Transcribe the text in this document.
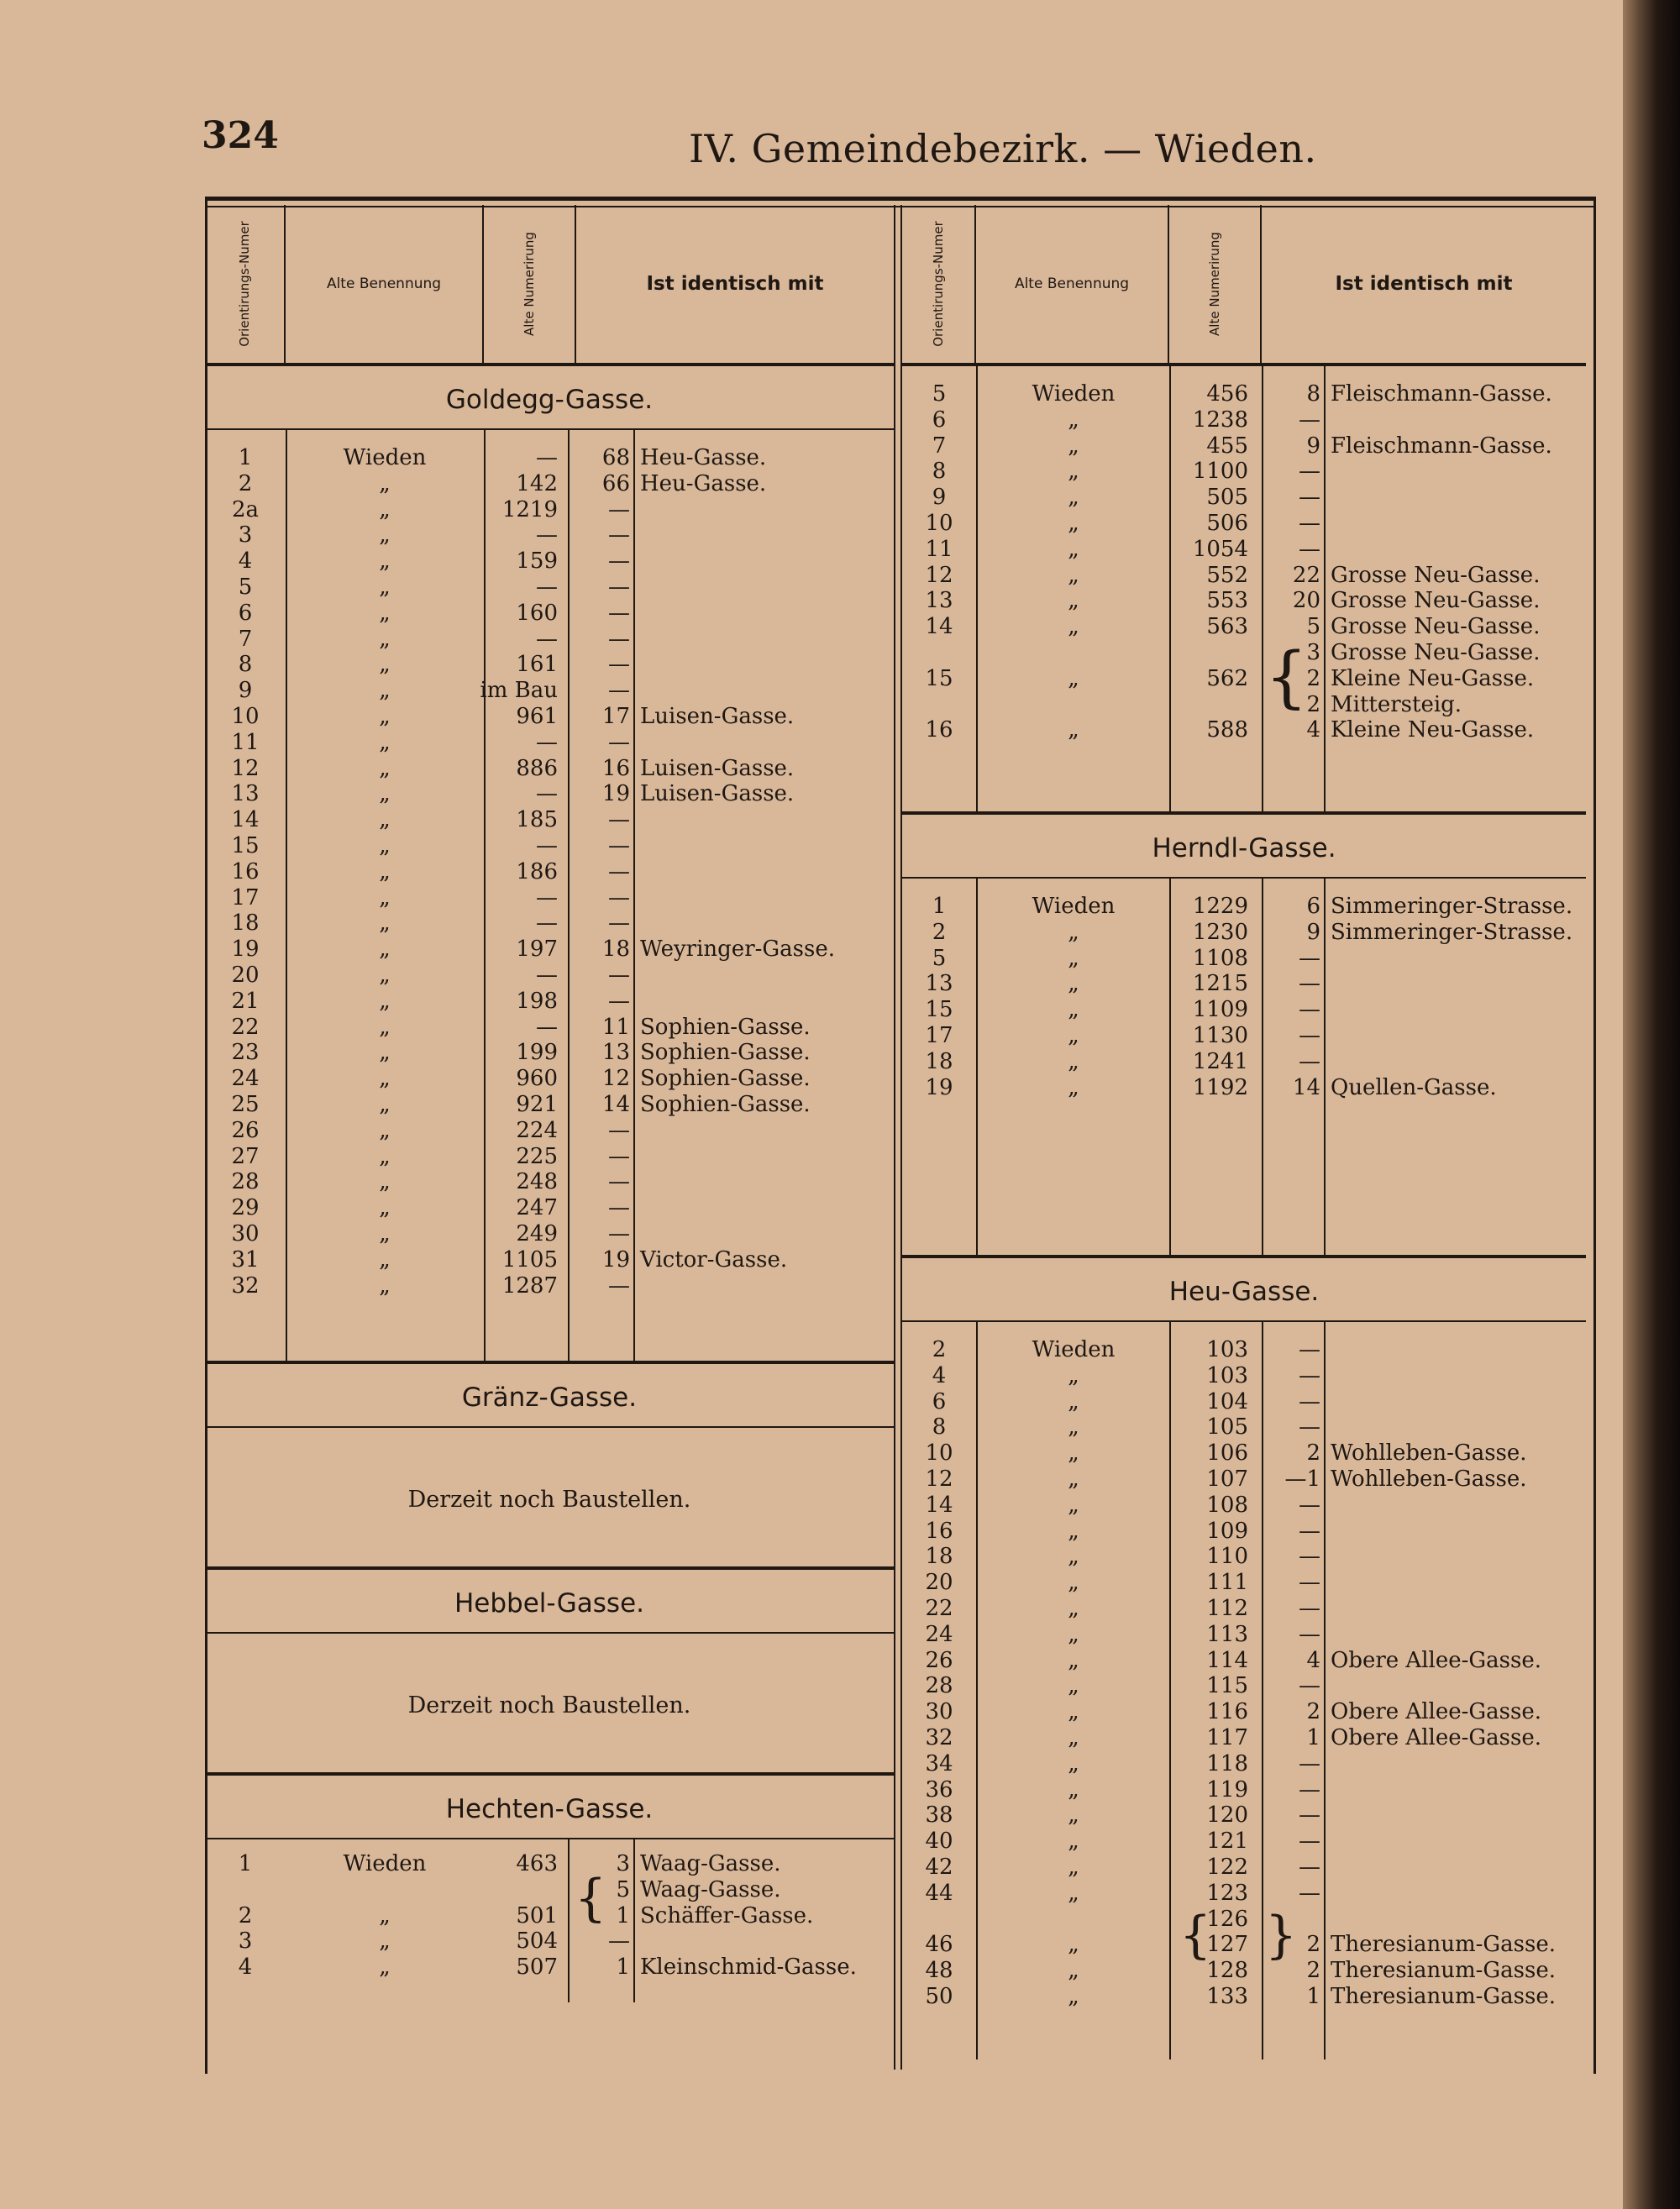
324	IV. Gemeindebezirk. — Wieden.
Orientirungs-Numer	Alte Benennung	Alte Numerirung	Ist identisch mit
Goldegg-Gasse.
1	Wieden	— 68 Heu-Gasse.
2	„	142 66 Heu-Gasse.
2a	„	1219 —
3	„	— —
4	„	159 —
5	„	— —
6	„	160 —
7	„	— —
8	„	161 —
9	„	im Bau —
10	„	961 17 Luisen-Gasse.
11	„	— —
12	„	886 16 Luisen-Gasse.
13	„	— 19 Luisen-Gasse.
14	„	185 —
15	„	— —
16	„	186 —
17	„	— —
18	„	— —
19	„	197 18 Weyringer-Gasse.
20	„	— —
21	„	198 —
22	„	— 11 Sophien-Gasse.
23	„	199 13 Sophien-Gasse.
24	„	960 12 Sophien-Gasse.
25	„	921 14 Sophien-Gasse.
26	„	224 —
27	„	225 —
28	„	248 —
29	„	247 —
30	„	249 —
31	„	1105 19 Victor-Gasse.
32	„	1287 —
Gränz-Gasse.
Derzeit noch Baustellen.
Hebbel-Gasse.
Derzeit noch Baustellen.
Hechten-Gasse.
{
1	Wieden	463	3 Waag-Gasse.
5 Waag-Gasse.
2	„	501	1 Schäffer-Gasse.
3	„	504 —
4	„	507	1 Kleinschmid-Gasse.
Orientirungs-Numer	Alte Benennung	Alte Numerirung	Ist identisch mit
{
5	Wieden	456	8 Fleischmann-Gasse.
6	„	1238 —
7	„	455	9 Fleischmann-Gasse.
8	„	1100 —
9	„	505 —
10	„	506 —
11	„	1054 —
12	„	552 22 Grosse Neu-Gasse.
13	„	553 20 Grosse Neu-Gasse.
14	„	563	5 Grosse Neu-Gasse.
3 Grosse Neu-Gasse.
15	„	562	2 Kleine Neu-Gasse.
2 Mittersteig.
16	„	588	4 Kleine Neu-Gasse.
Herndl-Gasse.
1	Wieden	1229	6 Simmeringer-Strasse.
2	„	1230	9 Simmeringer-Strasse.
5	„	1108 —
13	„	1215 —
15	„	1109 —
17	„	1130 —
18	„	1241 —
19	„	1192 14 Quellen-Gasse.
Heu-Gasse.
{ }
2	Wieden	103 —
4	„	103 —
6	„	104 —
8	„	105 —
10	„	106	2 Wohlleben-Gasse.
12	„	107 —1 Wohlleben-Gasse.
14	„	108 —
16	„	109 —
18	„	110 —
20	„	111 —
22	„	112 —
24	„	113 —
26	„	114	4 Obere Allee-Gasse.
28	„	115 —
30	„	116	2 Obere Allee-Gasse.
32	„	117	1 Obere Allee-Gasse.
34	„	118 —
36	„	119 —
38	„	120 —
40	„	121 —
42	„	122 —
44	„	123 —
126
46	„	127	2 Theresianum-Gasse.
48	„	128	2 Theresianum-Gasse.
50	„	133	1 Theresianum-Gasse.
